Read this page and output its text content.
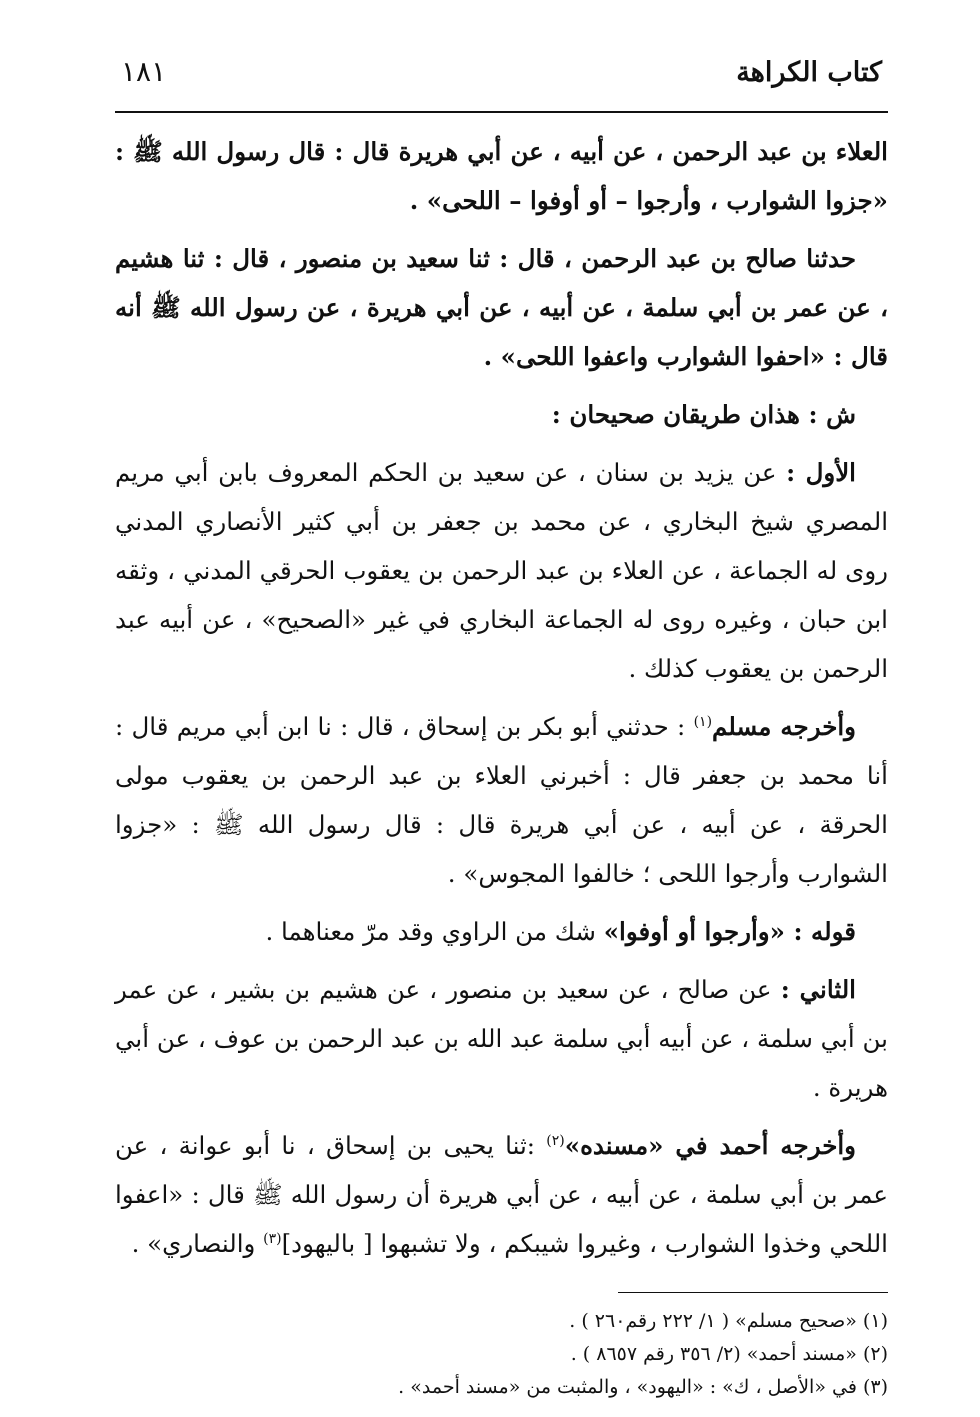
كتاب الكراهة
١٨١

العلاء بن عبد الرحمن ، عن أبيه ، عن أبي هريرة قال : قال رسول الله ﷺ : «جزوا الشوارب ، وأرجوا – أو أوفوا – اللحى» .

حدثنا صالح بن عبد الرحمن ، قال : ثنا سعيد بن منصور ، قال : ثنا هشيم ، عن عمر بن أبي سلمة ، عن أبيه ، عن أبي هريرة ، عن رسول الله ﷺ أنه قال : «احفوا الشوارب واعفوا اللحى» .

ش : هذان طريقان صحيحان :

الأول : عن يزيد بن سنان ، عن سعيد بن الحكم المعروف بابن أبي مريم المصري شيخ البخاري ، عن محمد بن جعفر بن أبي كثير الأنصاري المدني روى له الجماعة ، عن العلاء بن عبد الرحمن بن يعقوب الحرقي المدني ، وثقه ابن حبان ، وغيره روى له الجماعة البخاري في غير «الصحيح» ، عن أبيه عبد الرحمن بن يعقوب كذلك .

وأخرجه مسلم$^{(١)}$ : حدثني أبو بكر بن إسحاق ، قال : نا ابن أبي مريم قال : أنا محمد بن جعفر قال : أخبرني العلاء بن عبد الرحمن بن يعقوب مولى الحرقة ، عن أبيه ، عن أبي هريرة قال : قال رسول الله ﷺ : «جزوا الشوارب وأرجوا اللحى ؛ خالفوا المجوس» .

قوله : «وأرجوا أو أوفوا» شك من الراوي وقد مرّ معناهما .

الثاني : عن صالح ، عن سعيد بن منصور ، عن هشيم بن بشير ، عن عمر بن أبي سلمة ، عن أبيه أبي سلمة عبد الله بن عبد الرحمن بن عوف ، عن أبي هريرة .

وأخرجه أحمد في «مسنده»$^{(٢)}$ :ثنا يحيى بن إسحاق ، نا أبو عوانة ، عن عمر بن أبي سلمة ، عن أبيه ، عن أبي هريرة أن رسول الله ﷺ قال : «اعفوا اللحي وخذوا الشوارب ، وغيروا شيبكم ، ولا تشبهوا [ باليهود]$^{(٣)}$ والنصاري» .

(١) «صحيح مسلم» ( ١/ ٢٢٢ رقم٢٦٠ ) .

(٢) «مسند أحمد» (٢/ ٣٥٦ رقم ٨٦٥٧ ) .

(٣) في «الأصل ، ك» : «اليهود» ، والمثبت من «مسند أحمد» .
